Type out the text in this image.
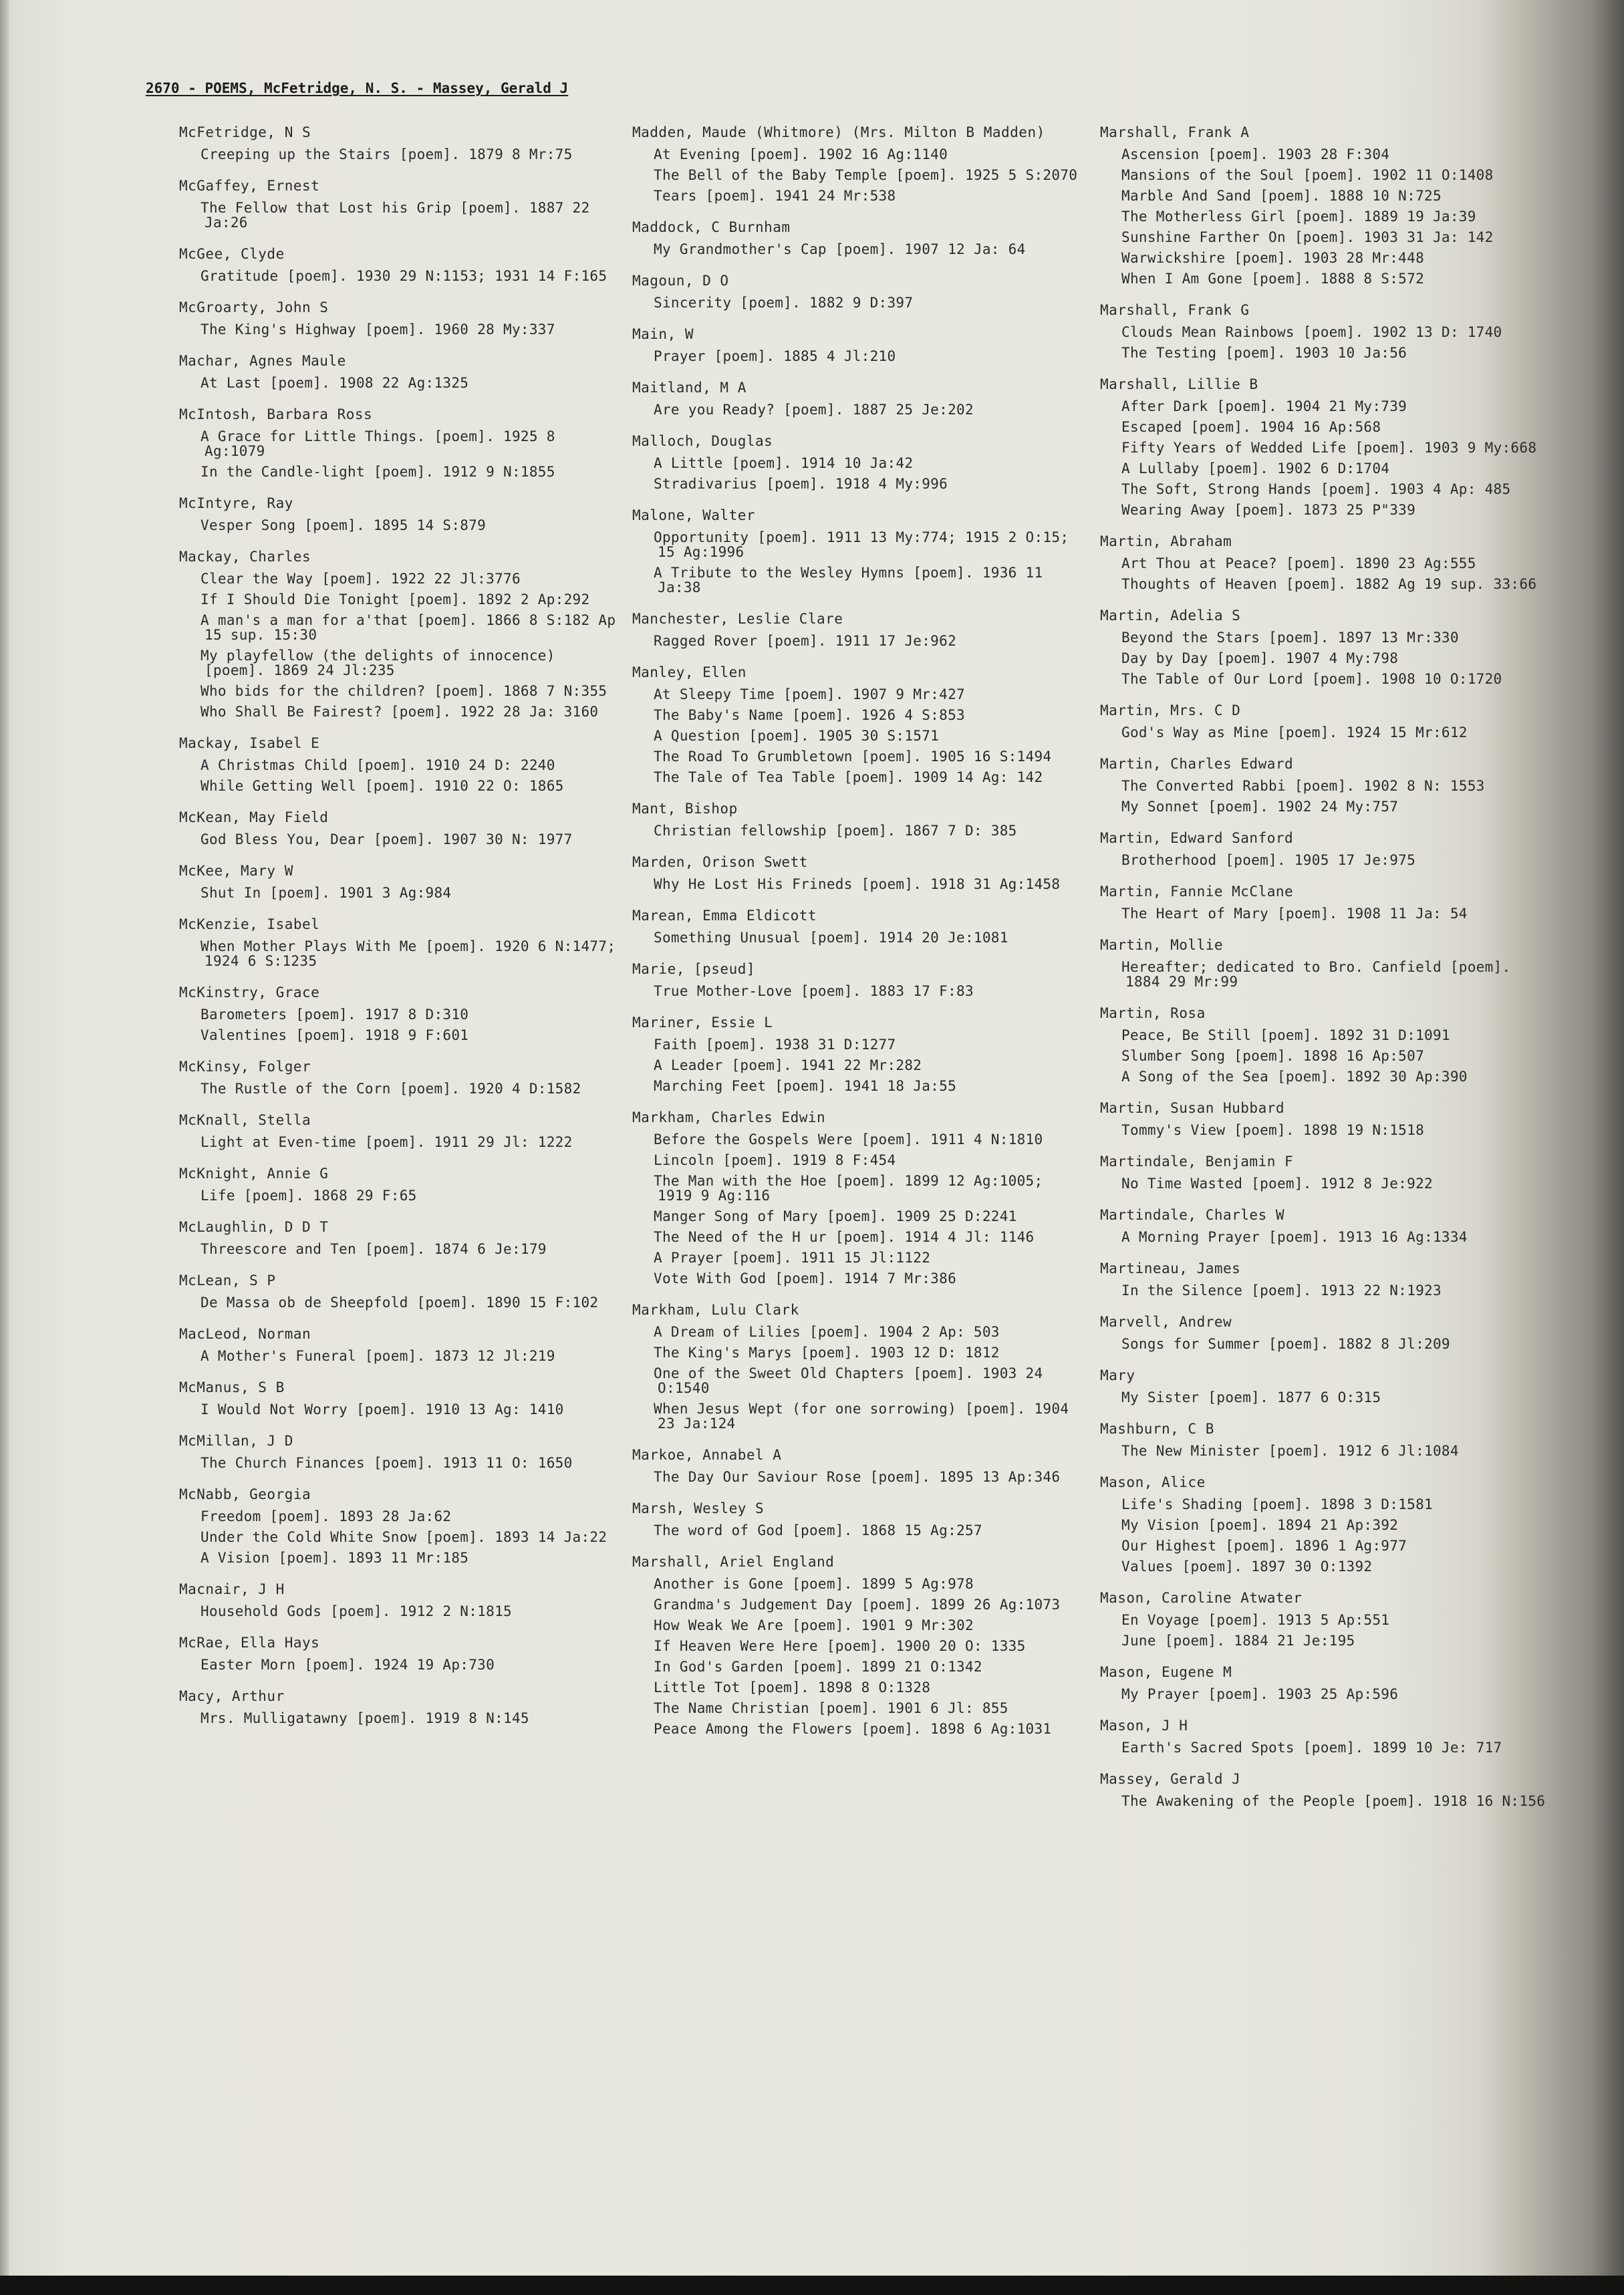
2670 - POEMS, McFetridge, N. S. - Massey, Gerald J
McFetridge, N S
Creeping up the Stairs [poem]. 1879 8 Mr:75
McGaffey, Ernest
The Fellow that Lost his Grip [poem]. 1887 22 Ja:26
McGee, Clyde
Gratitude [poem]. 1930 29 N:1153; 1931 14 F:165
McGroarty, John S
The King's Highway [poem]. 1960 28 My:337
Machar, Agnes Maule
At Last [poem]. 1908 22 Ag:1325
McIntosh, Barbara Ross
A Grace for Little Things. [poem]. 1925 8 Ag:1079
In the Candle-light [poem]. 1912 9 N:1855
McIntyre, Ray
Vesper Song [poem]. 1895 14 S:879
Mackay, Charles
Clear the Way [poem]. 1922 22 Jl:3776
If I Should Die Tonight [poem]. 1892 2 Ap:292
A man's a man for a'that [poem]. 1866 8 S:182 Ap 15 sup. 15:30
My playfellow (the delights of innocence) [poem]. 1869 24 Jl:235
Who bids for the children? [poem]. 1868 7 N:355
Who Shall Be Fairest? [poem]. 1922 28 Ja: 3160
Mackay, Isabel E
A Christmas Child [poem]. 1910 24 D: 2240
While Getting Well [poem]. 1910 22 O: 1865
McKean, May Field
God Bless You, Dear [poem]. 1907 30 N: 1977
McKee, Mary W
Shut In [poem]. 1901 3 Ag:984
McKenzie, Isabel
When Mother Plays With Me [poem]. 1920 6 N:1477; 1924 6 S:1235
McKinstry, Grace
Barometers [poem]. 1917 8 D:310
Valentines [poem]. 1918 9 F:601
McKinsy, Folger
The Rustle of the Corn [poem]. 1920 4 D:1582
McKnall, Stella
Light at Even-time [poem]. 1911 29 Jl: 1222
McKnight, Annie G
Life [poem]. 1868 29 F:65
McLaughlin, D D T
Threescore and Ten [poem]. 1874 6 Je:179
McLean, S P
De Massa ob de Sheepfold [poem]. 1890 15 F:102
MacLeod, Norman
A Mother's Funeral [poem]. 1873 12 Jl:219
McManus, S B
I Would Not Worry [poem]. 1910 13 Ag: 1410
McMillan, J D
The Church Finances [poem]. 1913 11 O: 1650
McNabb, Georgia
Freedom [poem]. 1893 28 Ja:62
Under the Cold White Snow [poem]. 1893 14 Ja:22
A Vision [poem]. 1893 11 Mr:185
Macnair, J H
Household Gods [poem]. 1912 2 N:1815
McRae, Ella Hays
Easter Morn [poem]. 1924 19 Ap:730
Macy, Arthur
Mrs. Mulligatawny [poem]. 1919 8 N:145
Madden, Maude (Whitmore) (Mrs. Milton B Madden)
At Evening [poem]. 1902 16 Ag:1140
The Bell of the Baby Temple [poem]. 1925 5 S:2070
Tears [poem]. 1941 24 Mr:538
Maddock, C Burnham
My Grandmother's Cap [poem]. 1907 12 Ja: 64
Magoun, D O
Sincerity [poem]. 1882 9 D:397
Main, W
Prayer [poem]. 1885 4 Jl:210
Maitland, M A
Are you Ready? [poem]. 1887 25 Je:202
Malloch, Douglas
A Little [poem]. 1914 10 Ja:42
Stradivarius [poem]. 1918 4 My:996
Malone, Walter
Opportunity [poem]. 1911 13 My:774; 1915 2 O:15; 15 Ag:1996
A Tribute to the Wesley Hymns [poem]. 1936 11 Ja:38
Manchester, Leslie Clare
Ragged Rover [poem]. 1911 17 Je:962
Manley, Ellen
At Sleepy Time [poem]. 1907 9 Mr:427
The Baby's Name [poem]. 1926 4 S:853
A Question [poem]. 1905 30 S:1571
The Road To Grumbletown [poem]. 1905 16 S:1494
The Tale of Tea Table [poem]. 1909 14 Ag: 142
Mant, Bishop
Christian fellowship [poem]. 1867 7 D: 385
Marden, Orison Swett
Why He Lost His Frineds [poem]. 1918 31 Ag:1458
Marean, Emma Eldicott
Something Unusual [poem]. 1914 20 Je:1081
Marie, [pseud]
True Mother-Love [poem]. 1883 17 F:83
Mariner, Essie L
Faith [poem]. 1938 31 D:1277
A Leader [poem]. 1941 22 Mr:282
Marching Feet [poem]. 1941 18 Ja:55
Markham, Charles Edwin
Before the Gospels Were [poem]. 1911 4 N:1810
Lincoln [poem]. 1919 8 F:454
The Man with the Hoe [poem]. 1899 12 Ag:1005; 1919 9 Ag:116
Manger Song of Mary [poem]. 1909 25 D:2241
The Need of the H ur [poem]. 1914 4 Jl: 1146
A Prayer [poem]. 1911 15 Jl:1122
Vote With God [poem]. 1914 7 Mr:386
Markham, Lulu Clark
A Dream of Lilies [poem]. 1904 2 Ap: 503
The King's Marys [poem]. 1903 12 D: 1812
One of the Sweet Old Chapters [poem]. 1903 24 O:1540
When Jesus Wept (for one sorrowing) [poem]. 1904 23 Ja:124
Markoe, Annabel A
The Day Our Saviour Rose [poem]. 1895 13 Ap:346
Marsh, Wesley S
The word of God [poem]. 1868 15 Ag:257
Marshall, Ariel England
Another is Gone [poem]. 1899 5 Ag:978
Grandma's Judgement Day [poem]. 1899 26 Ag:1073
How Weak We Are [poem]. 1901 9 Mr:302
If Heaven Were Here [poem]. 1900 20 O: 1335
In God's Garden [poem]. 1899 21 O:1342
Little Tot [poem]. 1898 8 O:1328
The Name Christian [poem]. 1901 6 Jl: 855
Peace Among the Flowers [poem]. 1898 6 Ag:1031
Marshall, Frank A
Ascension [poem]. 1903 28 F:304
Mansions of the Soul [poem]. 1902 11 O:1408
Marble And Sand [poem]. 1888 10 N:725
The Motherless Girl [poem]. 1889 19 Ja:39
Sunshine Farther On [poem]. 1903 31 Ja: 142
Warwickshire [poem]. 1903 28 Mr:448
When I Am Gone [poem]. 1888 8 S:572
Marshall, Frank G
Clouds Mean Rainbows [poem]. 1902 13 D: 1740
The Testing [poem]. 1903 10 Ja:56
Marshall, Lillie B
After Dark [poem]. 1904 21 My:739
Escaped [poem]. 1904 16 Ap:568
Fifty Years of Wedded Life [poem]. 1903 9 My:668
A Lullaby [poem]. 1902 6 D:1704
The Soft, Strong Hands [poem]. 1903 4 Ap: 485
Wearing Away [poem]. 1873 25 P"339
Martin, Abraham
Art Thou at Peace? [poem]. 1890 23 Ag:555
Thoughts of Heaven [poem]. 1882 Ag 19 sup. 33:66
Martin, Adelia S
Beyond the Stars [poem]. 1897 13 Mr:330
Day by Day [poem]. 1907 4 My:798
The Table of Our Lord [poem]. 1908 10 O:1720
Martin, Mrs. C D
God's Way as Mine [poem]. 1924 15 Mr:612
Martin, Charles Edward
The Converted Rabbi [poem]. 1902 8 N: 1553
My Sonnet [poem]. 1902 24 My:757
Martin, Edward Sanford
Brotherhood [poem]. 1905 17 Je:975
Martin, Fannie McClane
The Heart of Mary [poem]. 1908 11 Ja: 54
Martin, Mollie
Hereafter; dedicated to Bro. Canfield [poem]. 1884 29 Mr:99
Martin, Rosa
Peace, Be Still [poem]. 1892 31 D:1091
Slumber Song [poem]. 1898 16 Ap:507
A Song of the Sea [poem]. 1892 30 Ap:390
Martin, Susan Hubbard
Tommy's View [poem]. 1898 19 N:1518
Martindale, Benjamin F
No Time Wasted [poem]. 1912 8 Je:922
Martindale, Charles W
A Morning Prayer [poem]. 1913 16 Ag:1334
Martineau, James
In the Silence [poem]. 1913 22 N:1923
Marvell, Andrew
Songs for Summer [poem]. 1882 8 Jl:209
Mary
My Sister [poem]. 1877 6 O:315
Mashburn, C B
The New Minister [poem]. 1912 6 Jl:1084
Mason, Alice
Life's Shading [poem]. 1898 3 D:1581
My Vision [poem]. 1894 21 Ap:392
Our Highest [poem]. 1896 1 Ag:977
Values [poem]. 1897 30 O:1392
Mason, Caroline Atwater
En Voyage [poem]. 1913 5 Ap:551
June [poem]. 1884 21 Je:195
Mason, Eugene M
My Prayer [poem]. 1903 25 Ap:596
Mason, J H
Earth's Sacred Spots [poem]. 1899 10 Je: 717
Massey, Gerald J
The Awakening of the People [poem]. 1918 16 N:156
